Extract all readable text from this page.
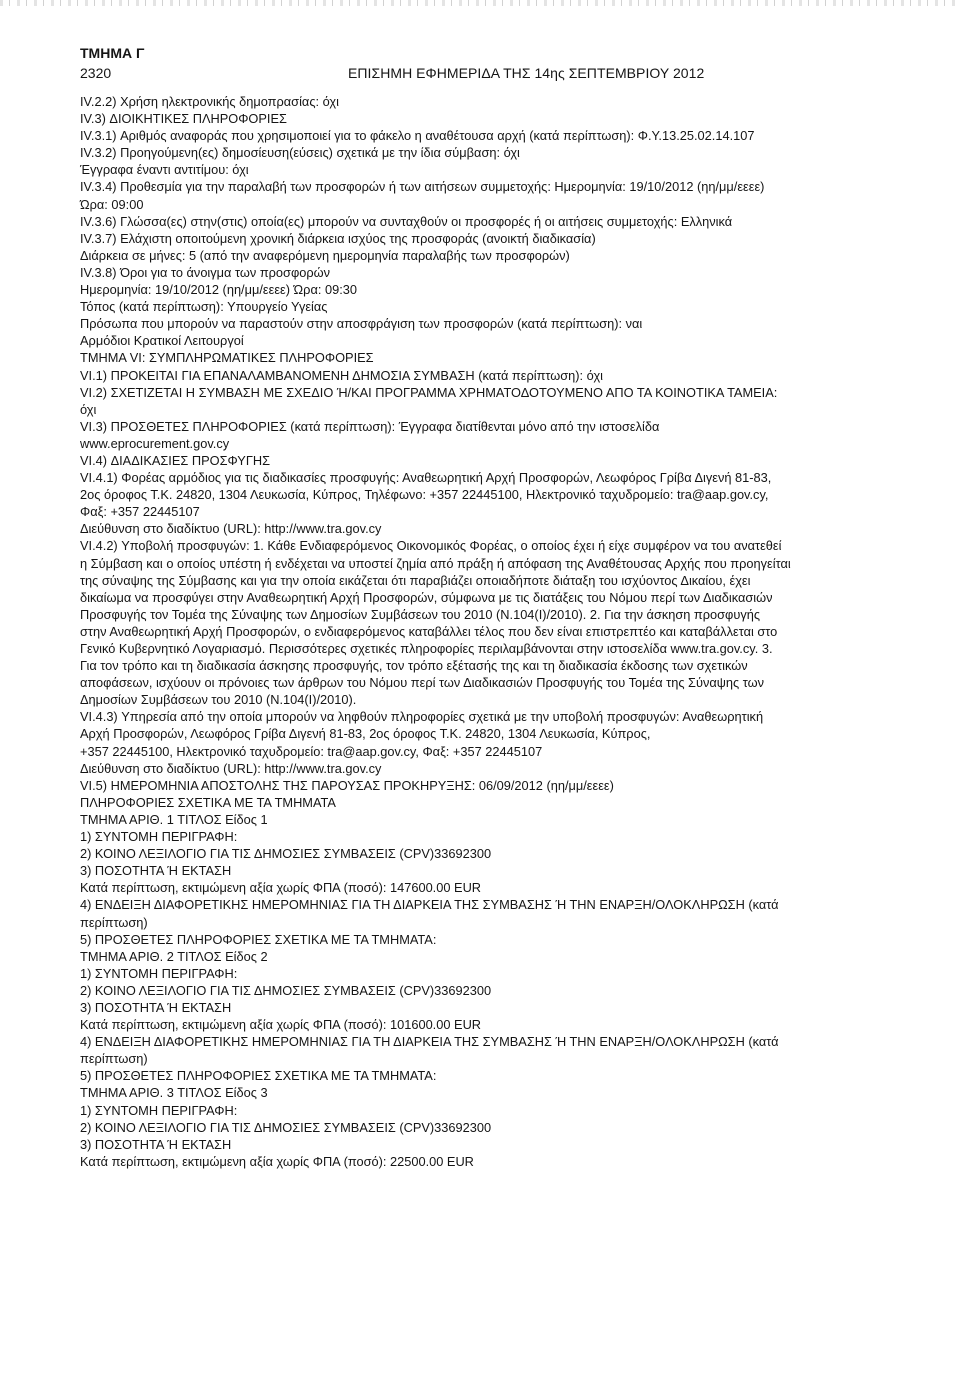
ΤΜΗΜΑ Γ
2320	ΕΠΙΣΗΜΗ ΕΦΗΜΕΡΙΔΑ ΤΗΣ 14ης ΣΕΠΤΕΜΒΡΙΟΥ 2012
IV.2.2) Χρήση ηλεκτρονικής δημοπρασίας: όχι
IV.3) ΔΙΟΙΚΗΤΙΚΕΣ ΠΛΗΡΟΦΟΡΙΕΣ
IV.3.1) Αριθμός αναφοράς που χρησιμοποιεί για το φάκελο η αναθέτουσα αρχή (κατά περίπτωση): Φ.Υ.13.25.02.14.107
IV.3.2) Προηγούμενη(ες) δημοσίευση(εύσεις) σχετικά με την ίδια σύμβαση: όχι
Έγγραφα έναντι αντιτίμου: όχι
IV.3.4) Προθεσμία για την παραλαβή των προσφορών ή των αιτήσεων συμμετοχής: Ημερομηνία: 19/10/2012 (ηη/μμ/εεεε)
Ώρα: 09:00
IV.3.6) Γλώσσα(ες) στην(στις) οποία(ες) μπορούν να συνταχθούν οι προσφορές ή οι αιτήσεις συμμετοχής: Ελληνικά
IV.3.7) Ελάχιστη οποιτούμενη χρονική διάρκεια ισχύος της προσφοράς (ανοικτή διαδικασία)
Διάρκεια σε μήνες: 5 (από την αναφερόμενη ημερομηνία παραλαβής των προσφορών)
IV.3.8) Όροι για το άνοιγμα των προσφορών
Ημερομηνία: 19/10/2012 (ηη/μμ/εεεε) Ώρα: 09:30
Τόπος (κατά περίπτωση): Υπουργείο Υγείας
Πρόσωπα που μπορούν να παραστούν στην αποσφράγιση των προσφορών (κατά περίπτωση): ναι
Αρμόδιοι Κρατικοί Λειτουργοί
ΤΜΗΜΑ VI: ΣΥΜΠΛΗΡΩΜΑΤΙΚΕΣ ΠΛΗΡΟΦΟΡΙΕΣ
VI.1) ΠΡΟΚΕΙΤΑΙ ΓΙΑ ΕΠΑΝΑΛΑΜΒΑΝΟΜΕΝΗ ΔΗΜΟΣΙΑ ΣΥΜΒΑΣΗ (κατά περίπτωση): όχι
VI.2) ΣΧΕΤΙΖΕΤΑΙ Η ΣΥΜΒΑΣΗ ΜΕ ΣΧΕΔΙΟ Ή/ΚΑΙ ΠΡΟΓΡΑΜΜΑ ΧΡΗΜΑΤΟΔΟΤΟΥΜΕΝΟ ΑΠΟ ΤΑ ΚΟΙΝΟΤΙΚΑ ΤΑΜΕΙΑ:
όχι
VI.3) ΠΡΟΣΘΕΤΕΣ ΠΛΗΡΟΦΟΡΙΕΣ (κατά περίπτωση): Έγγραφα διατίθενται μόνο από την ιστοσελίδα
www.eprocurement.gov.cy
VI.4) ΔΙΑΔΙΚΑΣΙΕΣ ΠΡΟΣΦΥΓΗΣ
VI.4.1) Φορέας αρμόδιος για τις διαδικασίες προσφυγής: Αναθεωρητική Αρχή Προσφορών, Λεωφόρος Γρίβα Διγενή 81-83,
2ος όροφος Τ.Κ. 24820, 1304 Λευκωσία, Κύπρος, Τηλέφωνο: +357 22445100, Ηλεκτρονικό ταχυδρομείο: tra@aap.gov.cy,
Φαξ: +357 22445107
Διεύθυνση στο διαδίκτυο (URL): http://www.tra.gov.cy
VI.4.2) Υποβολή προσφυγών: 1. Κάθε Ενδιαφερόμενος Οικονομικός Φορέας, ο οποίος έχει ή είχε συμφέρον να του ανατεθεί
η Σύμβαση και ο οποίος υπέστη ή ενδέχεται να υποστεί ζημία από πράξη ή απόφαση της Αναθέτουσας Αρχής που προηγείται
της σύναψης της Σύμβασης και για την οποία εικάζεται ότι παραβιάζει οποιαδήποτε διάταξη του ισχύοντος Δικαίου, έχει
δικαίωμα να προσφύγει στην Αναθεωρητική Αρχή Προσφορών, σύμφωνα με τις διατάξεις του Νόμου περί των Διαδικασιών
Προσφυγής τον Τομέα της Σύναψης των Δημοσίων Συμβάσεων του 2010 (Ν.104(Ι)/2010). 2. Για την άσκηση προσφυγής
στην Αναθεωρητική Αρχή Προσφορών, ο ενδιαφερόμενος καταβάλλει τέλος που δεν είναι επιστρεπτέο και καταβάλλεται στο
Γενικό Κυβερνητικό Λογαριασμό. Περισσότερες σχετικές πληροφορίες περιλαμβάνονται στην ιστοσελίδα www.tra.gov.cy. 3.
Για τον τρόπο και τη διαδικασία άσκησης προσφυγής, τον τρόπο εξέτασής της και τη διαδικασία έκδοσης των σχετικών
αποφάσεων, ισχύουν οι πρόνοιες των άρθρων του Νόμου περί των Διαδικασιών Προσφυγής του Τομέα της Σύναψης των
Δημοσίων Συμβάσεων του 2010 (Ν.104(Ι)/2010).
VI.4.3) Υπηρεσία από την οποία μπορούν να ληφθούν πληροφορίες σχετικά με την υποβολή προσφυγών: Αναθεωρητική
Αρχή Προσφορών, Λεωφόρος Γρίβα Διγενή 81-83, 2ος όροφος Τ.Κ. 24820, 1304 Λευκωσία, Κύπρος,
+357 22445100, Ηλεκτρονικό ταχυδρομείο: tra@aap.gov.cy, Φαξ: +357 22445107
Διεύθυνση στο διαδίκτυο (URL): http://www.tra.gov.cy
VI.5) ΗΜΕΡΟΜΗΝΙΑ ΑΠΟΣΤΟΛΗΣ ΤΗΣ ΠΑΡΟΥΣΑΣ ΠΡΟΚΗΡΥΞΗΣ: 06/09/2012 (ηη/μμ/εεεε)
ΠΛΗΡΟΦΟΡΙΕΣ ΣΧΕΤΙΚΑ ΜΕ ΤΑ ΤΜΗΜΑΤΑ
ΤΜΗΜΑ ΑΡΙΘ. 1 ΤΙΤΛΟΣ Είδος 1
1) ΣΥΝΤΟΜΗ ΠΕΡΙΓΡΑΦΗ:
2) ΚΟΙΝΟ ΛΕΞΙΛΟΓΙΟ ΓΙΑ ΤΙΣ ΔΗΜΟΣΙΕΣ ΣΥΜΒΑΣΕΙΣ (CPV)33692300
3) ΠΟΣΟΤΗΤΑ Ή ΕΚΤΑΣΗ
Κατά περίπτωση, εκτιμώμενη αξία χωρίς ΦΠΑ (ποσό): 147600.00 EUR
4) ΕΝΔΕΙΞΗ ΔΙΑΦΟΡΕΤΙΚΗΣ ΗΜΕΡΟΜΗΝΙΑΣ ΓΙΑ ΤΗ ΔΙΑΡΚΕΙΑ ΤΗΣ ΣΥΜΒΑΣΗΣ Ή ΤΗΝ ΕΝΑΡΞΗ/ΟΛΟΚΛΗΡΩΣΗ (κατά
περίπτωση)
5) ΠΡΟΣΘΕΤΕΣ ΠΛΗΡΟΦΟΡΙΕΣ ΣΧΕΤΙΚΑ ΜΕ ΤΑ ΤΜΗΜΑΤΑ:
ΤΜΗΜΑ ΑΡΙΘ. 2 ΤΙΤΛΟΣ Είδος 2
1) ΣΥΝΤΟΜΗ ΠΕΡΙΓΡΑΦΗ:
2) ΚΟΙΝΟ ΛΕΞΙΛΟΓΙΟ ΓΙΑ ΤΙΣ ΔΗΜΟΣΙΕΣ ΣΥΜΒΑΣΕΙΣ (CPV)33692300
3) ΠΟΣΟΤΗΤΑ Ή ΕΚΤΑΣΗ
Κατά περίπτωση, εκτιμώμενη αξία χωρίς ΦΠΑ (ποσό): 101600.00 EUR
4) ΕΝΔΕΙΞΗ ΔΙΑΦΟΡΕΤΙΚΗΣ ΗΜΕΡΟΜΗΝΙΑΣ ΓΙΑ ΤΗ ΔΙΑΡΚΕΙΑ ΤΗΣ ΣΥΜΒΑΣΗΣ Ή ΤΗΝ ΕΝΑΡΞΗ/ΟΛΟΚΛΗΡΩΣΗ (κατά
περίπτωση)
5) ΠΡΟΣΘΕΤΕΣ ΠΛΗΡΟΦΟΡΙΕΣ ΣΧΕΤΙΚΑ ΜΕ ΤΑ ΤΜΗΜΑΤΑ:
ΤΜΗΜΑ ΑΡΙΘ. 3 ΤΙΤΛΟΣ Είδος 3
1) ΣΥΝΤΟΜΗ ΠΕΡΙΓΡΑΦΗ:
2) ΚΟΙΝΟ ΛΕΞΙΛΟΓΙΟ ΓΙΑ ΤΙΣ ΔΗΜΟΣΙΕΣ ΣΥΜΒΑΣΕΙΣ (CPV)33692300
3) ΠΟΣΟΤΗΤΑ Ή ΕΚΤΑΣΗ
Κατά περίπτωση, εκτιμώμενη αξία χωρίς ΦΠΑ (ποσό): 22500.00 EUR
